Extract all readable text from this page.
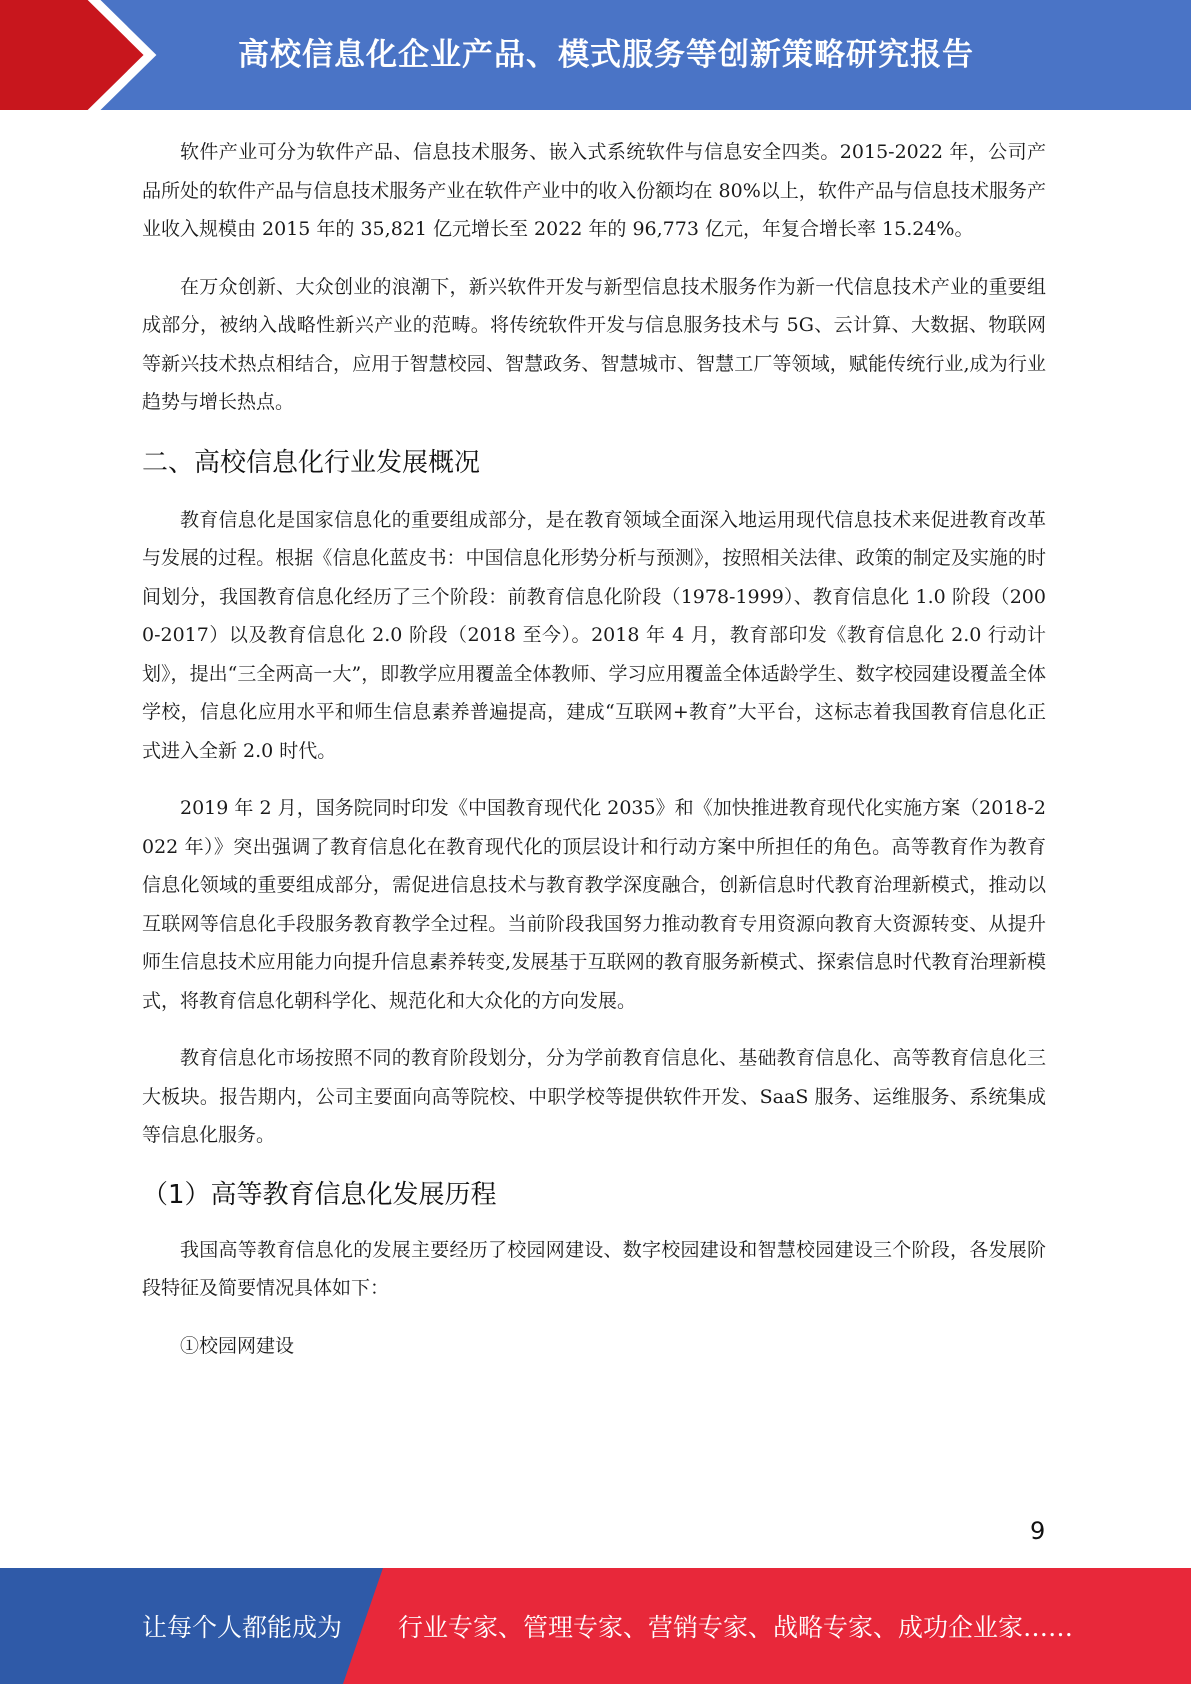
高校信息化企业产品、模式服务等创新策略研究报告

软件产业可分为软件产品、信息技术服务、嵌入式系统软件与信息安全四类。2015-2022 年，公司产品所处的软件产品与信息技术服务产业在软件产业中的收入份额均在 80%以上，软件产品与信息技术服务产业收入规模由 2015 年的 35,821 亿元增长至 2022 年的 96,773 亿元，年复合增长率 15.24%。

在万众创新、大众创业的浪潮下，新兴软件开发与新型信息技术服务作为新一代信息技术产业的重要组成部分，被纳入战略性新兴产业的范畴。将传统软件开发与信息服务技术与 5G、云计算、大数据、物联网等新兴技术热点相结合，应用于智慧校园、智慧政务、智慧城市、智慧工厂等领域，赋能传统行业,成为行业趋势与增长热点。

二、高校信息化行业发展概况

教育信息化是国家信息化的重要组成部分，是在教育领域全面深入地运用现代信息技术来促进教育改革与发展的过程。根据《信息化蓝皮书：中国信息化形势分析与预测》，按照相关法律、政策的制定及实施的时间划分，我国教育信息化经历了三个阶段：前教育信息化阶段（1978-1999）、教育信息化 1.0 阶段（2000-2017）以及教育信息化 2.0 阶段（2018 至今）。2018 年 4 月，教育部印发《教育信息化 2.0 行动计划》，提出“三全两高一大”，即教学应用覆盖全体教师、学习应用覆盖全体适龄学生、数字校园建设覆盖全体学校，信息化应用水平和师生信息素养普遍提高，建成“互联网+教育”大平台，这标志着我国教育信息化正式进入全新 2.0 时代。

2019 年 2 月，国务院同时印发《中国教育现代化 2035》和《加快推进教育现代化实施方案（2018-2022 年）》突出强调了教育信息化在教育现代化的顶层设计和行动方案中所担任的角色。高等教育作为教育信息化领域的重要组成部分，需促进信息技术与教育教学深度融合，创新信息时代教育治理新模式，推动以互联网等信息化手段服务教育教学全过程。当前阶段我国努力推动教育专用资源向教育大资源转变、从提升师生信息技术应用能力向提升信息素养转变,发展基于互联网的教育服务新模式、探索信息时代教育治理新模式，将教育信息化朝科学化、规范化和大众化的方向发展。

教育信息化市场按照不同的教育阶段划分，分为学前教育信息化、基础教育信息化、高等教育信息化三大板块。报告期内，公司主要面向高等院校、中职学校等提供软件开发、SaaS 服务、运维服务、系统集成等信息化服务。

（1）高等教育信息化发展历程

我国高等教育信息化的发展主要经历了校园网建设、数字校园建设和智慧校园建设三个阶段，各发展阶段特征及简要情况具体如下：

①校园网建设

9
让每个人都能成为 行业专家、管理专家、营销专家、战略专家、成功企业家……
